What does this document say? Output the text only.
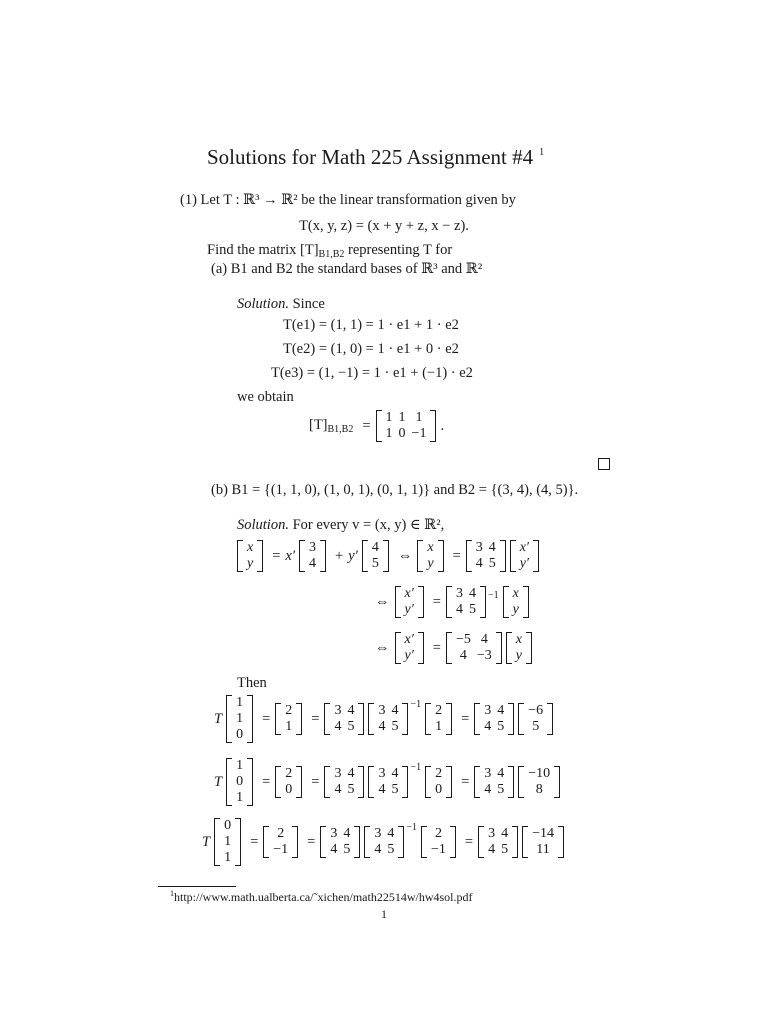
Solutions for Math 225 Assignment #4 $^1$
(1) Let T : ℝ³ → ℝ² be the linear transformation given by
T(x, y, z) = (x + y + z, x − z).
Find the matrix $[T]_{B1,B2}$ representing T for
(a) B1 and B2 the standard bases of ℝ³ and ℝ²
Solution. Since
T(e1) = (1, 1) = 1 · e1 + 1 · e2
T(e2) = (1, 0) = 1 · e1 + 0 · e2
T(e3) = (1, −1) = 1 · e1 + (−1) · e2
we obtain
$[T]_{B1,B2} = 1$	1	1
1	0	−1 .
(b) B1 = {(1, 1, 0), (1, 0, 1), (0, 1, 1)} and B2 = {(3, 4), (4, 5)}.
Solution. For every v = (x, y) ∈ ℝ²,
x
y = x′ 3
4 + y′ 4
5 ⇔ x
y = 3	4
4	5
x′
y′
⇔ x′
y′ = 3	4
4	5
−1 x
y
⇔ x′
y′ = −5	4
4	−3
x
y
Then
T
1
1
0
= 2
1 = 3	4
4	5
3	4
4	5
−1 2
1 = 3	4
4	5
−6
5
T
1
0
1
= 2
0 = 3	4
4	5
3	4
4	5
−1 2
0 = 3	4
4	5
−10
8
T
0
1
1
= 2
−1 = 3	4
4	5
3	4
4	5
−1 2
−1 = 3	4
4	5
−14
11
$^1$http://www.math.ualberta.ca/˜xichen/math22514w/hw4sol.pdf
1
